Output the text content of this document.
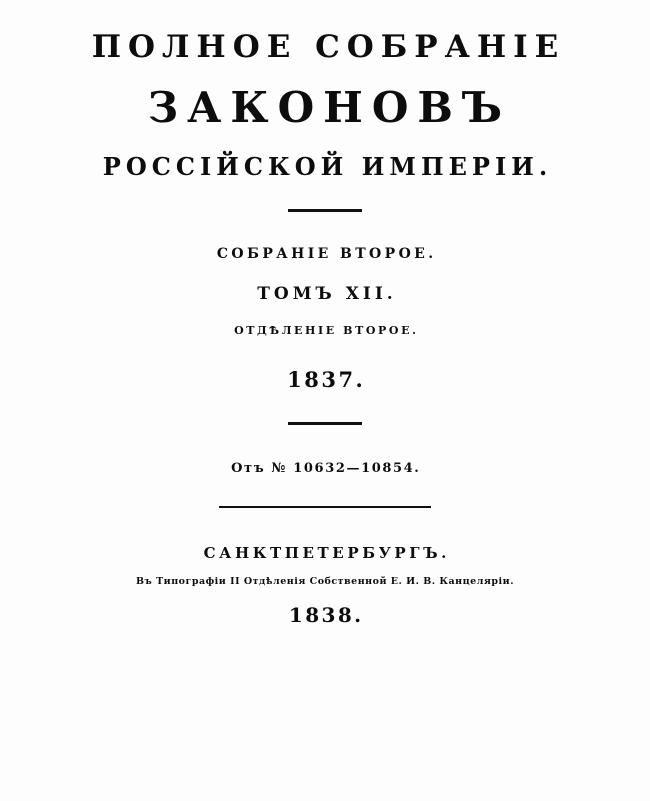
ПОЛНОЕ СОБРАНІЕ
ЗАКОНОВЪ
РОССІЙСКОЙ ИМПЕРІИ.
СОБРАНІЕ ВТОРОЕ.
ТОМЪ XII.
ОТДѢЛЕНІЕ ВТОРОЕ.
1837.
Отъ № 10632—10854.
САНКТПЕТЕРБУРГЪ.
Въ Типографіи II Отдѣленія Собственной Е. И. В. Канцеляріи.
1838.
